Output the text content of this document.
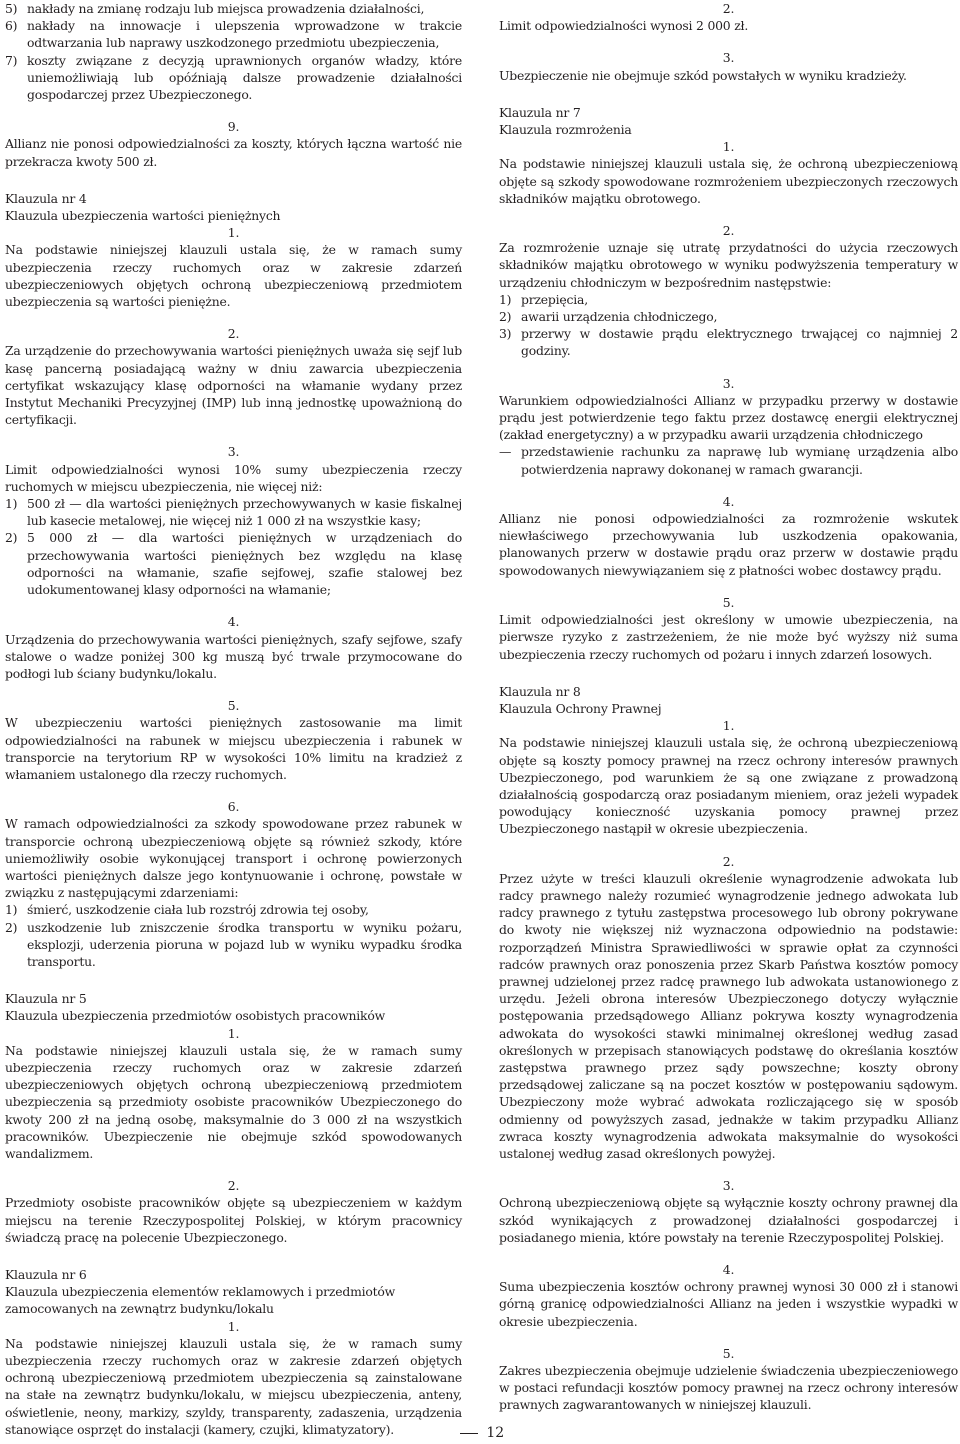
5) nakłady na zmianę rodzaju lub miejsca prowadzenia działalności,
6) nakłady na innowacje i ulepszenia wprowadzone w trakcie odtwarzania lub naprawy uszkodzonego przedmiotu ubezpieczenia,
7) koszty związane z decyzją uprawnionych organów władzy, które uniemożliwiają lub opóźniają dalsze prowadzenie działalności gospodarczej przez Ubezpieczonego.

9.

Allianz nie ponosi odpowiedzialności za koszty, których łączna wartość nie przekracza kwoty 500 zł.

Klauzula nr 4

Klauzula ubezpieczenia wartości pieniężnych

1.

Na podstawie niniejszej klauzuli ustala się, że w ramach sumy ubezpieczenia rzeczy ruchomych oraz w zakresie zdarzeń ubezpieczeniowych objętych ochroną ubezpieczeniową przedmiotem ubezpieczenia są wartości pieniężne.

2.

Za urządzenie do przechowywania wartości pieniężnych uważa się sejf lub kasę pancerną posiadającą ważny w dniu zawarcia ubezpieczenia certyfikat wskazujący klasę odporności na włamanie wydany przez Instytut Mechaniki Precyzyjnej (IMP) lub inną jednostkę upoważnioną do certyfikacji.

3.

Limit odpowiedzialności wynosi 10% sumy ubezpieczenia rzeczy ruchomych w miejscu ubezpieczenia, nie więcej niż:

1) 500 zł — dla wartości pieniężnych przechowywanych w kasie fiskalnej lub kasecie metalowej, nie więcej niż 1 000 zł na wszystkie kasy;
2) 5 000 zł — dla wartości pieniężnych w urządzeniach do przechowywania wartości pieniężnych bez względu na klasę odporności na włamanie, szafie sejfowej, szafie stalowej bez udokumentowanej klasy odporności na włamanie;

4.

Urządzenia do przechowywania wartości pieniężnych, szafy sejfowe, szafy stalowe o wadze poniżej 300 kg muszą być trwale przymocowane do podłogi lub ściany budynku/lokalu.

5.

W ubezpieczeniu wartości pieniężnych zastosowanie ma limit odpowiedzialności na rabunek w miejscu ubezpieczenia i rabunek w transporcie na terytorium RP w wysokości 10% limitu na kradzież z włamaniem ustalonego dla rzeczy ruchomych.

6.

W ramach odpowiedzialności za szkody spowodowane przez rabunek w transporcie ochroną ubezpieczeniową objęte są również szkody, które uniemożliwiły osobie wykonującej transport i ochronę powierzonych wartości pieniężnych dalsze jego kontynuowanie i ochronę, powstałe w związku z następującymi zdarzeniami:

1) śmierć, uszkodzenie ciała lub rozstrój zdrowia tej osoby,
2) uszkodzenie lub zniszczenie środka transportu w wyniku pożaru, eksplozji, uderzenia pioruna w pojazd lub w wyniku wypadku środka transportu.

Klauzula nr 5

Klauzula ubezpieczenia przedmiotów osobistych pracowników

1.

Na podstawie niniejszej klauzuli ustala się, że w ramach sumy ubezpieczenia rzeczy ruchomych oraz w zakresie zdarzeń ubezpieczeniowych objętych ochroną ubezpieczeniową przedmiotem ubezpieczenia są przedmioty osobiste pracowników Ubezpieczonego do kwoty 200 zł na jedną osobę, maksymalnie do 3 000 zł na wszystkich pracowników. Ubezpieczenie nie obejmuje szkód spowodowanych wandalizmem.

2.

Przedmioty osobiste pracowników objęte są ubezpieczeniem w każdym miejscu na terenie Rzeczypospolitej Polskiej, w którym pracownicy świadczą pracę na polecenie Ubezpieczonego.

Klauzula nr 6

Klauzula ubezpieczenia elementów reklamowych i przedmiotów zamocowanych na zewnątrz budynku/lokalu

1.

Na podstawie niniejszej klauzuli ustala się, że w ramach sumy ubezpieczenia rzeczy ruchomych oraz w zakresie zdarzeń objętych ochroną ubezpieczeniową przedmiotem ubezpieczenia są zainstalowane na stałe na zewnątrz budynku/lokalu, w miejscu ubezpieczenia, anteny, oświetlenie, neony, markizy, szyldy, transparenty, zadaszenia, urządzenia stanowiące osprzęt do instalacji (kamery, czujki, klimatyzatory).

2.

Limit odpowiedzialności wynosi 2 000 zł.

3.

Ubezpieczenie nie obejmuje szkód powstałych w wyniku kradzieży.

Klauzula nr 7

Klauzula rozmrożenia

1.

Na podstawie niniejszej klauzuli ustala się, że ochroną ubezpieczeniową objęte są szkody spowodowane rozmrożeniem ubezpieczonych rzeczowych składników majątku obrotowego.

2.

Za rozmrożenie uznaje się utratę przydatności do użycia rzeczowych składników majątku obrotowego w wyniku podwyższenia temperatury w urządzeniu chłodniczym w bezpośrednim następstwie:

1) przepięcia,
2) awarii urządzenia chłodniczego,
3) przerwy w dostawie prądu elektrycznego trwającej co najmniej 2 godziny.

3.

Warunkiem odpowiedzialności Allianz w przypadku przerwy w dostawie prądu jest potwierdzenie tego faktu przez dostawcę energii elektrycznej (zakład energetyczny) a w przypadku awarii urządzenia chłodniczego

— przedstawienie rachunku za naprawę lub wymianę urządzenia albo potwierdzenia naprawy dokonanej w ramach gwarancji.

4.

Allianz nie ponosi odpowiedzialności za rozmrożenie wskutek niewłaściwego przechowywania lub uszkodzenia opakowania, planowanych przerw w dostawie prądu oraz przerw w dostawie prądu spowodowanych niewywiązaniem się z płatności wobec dostawcy prądu.

5.

Limit odpowiedzialności jest określony w umowie ubezpieczenia, na pierwsze ryzyko z zastrzeżeniem, że nie może być wyższy niż suma ubezpieczenia rzeczy ruchomych od pożaru i innych zdarzeń losowych.

Klauzula nr 8

Klauzula Ochrony Prawnej

1.

Na podstawie niniejszej klauzuli ustala się, że ochroną ubezpieczeniową objęte są koszty pomocy prawnej na rzecz ochrony interesów prawnych Ubezpieczonego, pod warunkiem że są one związane z prowadzoną działalnością gospodarczą oraz posiadanym mieniem, oraz jeżeli wypadek powodujący konieczność uzyskania pomocy prawnej przez Ubezpieczonego nastąpił w okresie ubezpieczenia.

2.

Przez użyte w treści klauzuli określenie wynagrodzenie adwokata lub radcy prawnego należy rozumieć wynagrodzenie jednego adwokata lub radcy prawnego z tytułu zastępstwa procesowego lub obrony pokrywane do kwoty nie większej niż wyznaczona odpowiednio na podstawie: rozporządzeń Ministra Sprawiedliwości w sprawie opłat za czynności radców prawnych oraz ponoszenia przez Skarb Państwa kosztów pomocy prawnej udzielonej przez radcę prawnego lub adwokata ustanowionego z urzędu. Jeżeli obrona interesów Ubezpieczonego dotyczy wyłącznie postępowania przedsądowego Allianz pokrywa koszty wynagrodzenia adwokata do wysokości stawki minimalnej określonej według zasad określonych w przepisach stanowiących podstawę do określania kosztów zastępstwa prawnego przez sądy powszechne; koszty obrony przedsądowej zaliczane są na poczet kosztów w postępowaniu sądowym. Ubezpieczony może wybrać adwokata rozliczającego się w sposób odmienny od powyższych zasad, jednakże w takim przypadku Allianz zwraca koszty wynagrodzenia adwokata maksymalnie do wysokości ustalonej według zasad określonych powyżej.

3.

Ochroną ubezpieczeniową objęte są wyłącznie koszty ochrony prawnej dla szkód wynikających z prowadzonej działalności gospodarczej i posiadanego mienia, które powstały na terenie Rzeczypospolitej Polskiej.

4.

Suma ubezpieczenia kosztów ochrony prawnej wynosi 30 000 zł i stanowi górną granicę odpowiedzialności Allianz na jeden i wszystkie wypadki w okresie ubezpieczenia.

5.

Zakres ubezpieczenia obejmuje udzielenie świadczenia ubezpieczeniowego w postaci refundacji kosztów pomocy prawnej na rzecz ochrony interesów prawnych zagwarantowanych w niniejszej klauzuli.

12
